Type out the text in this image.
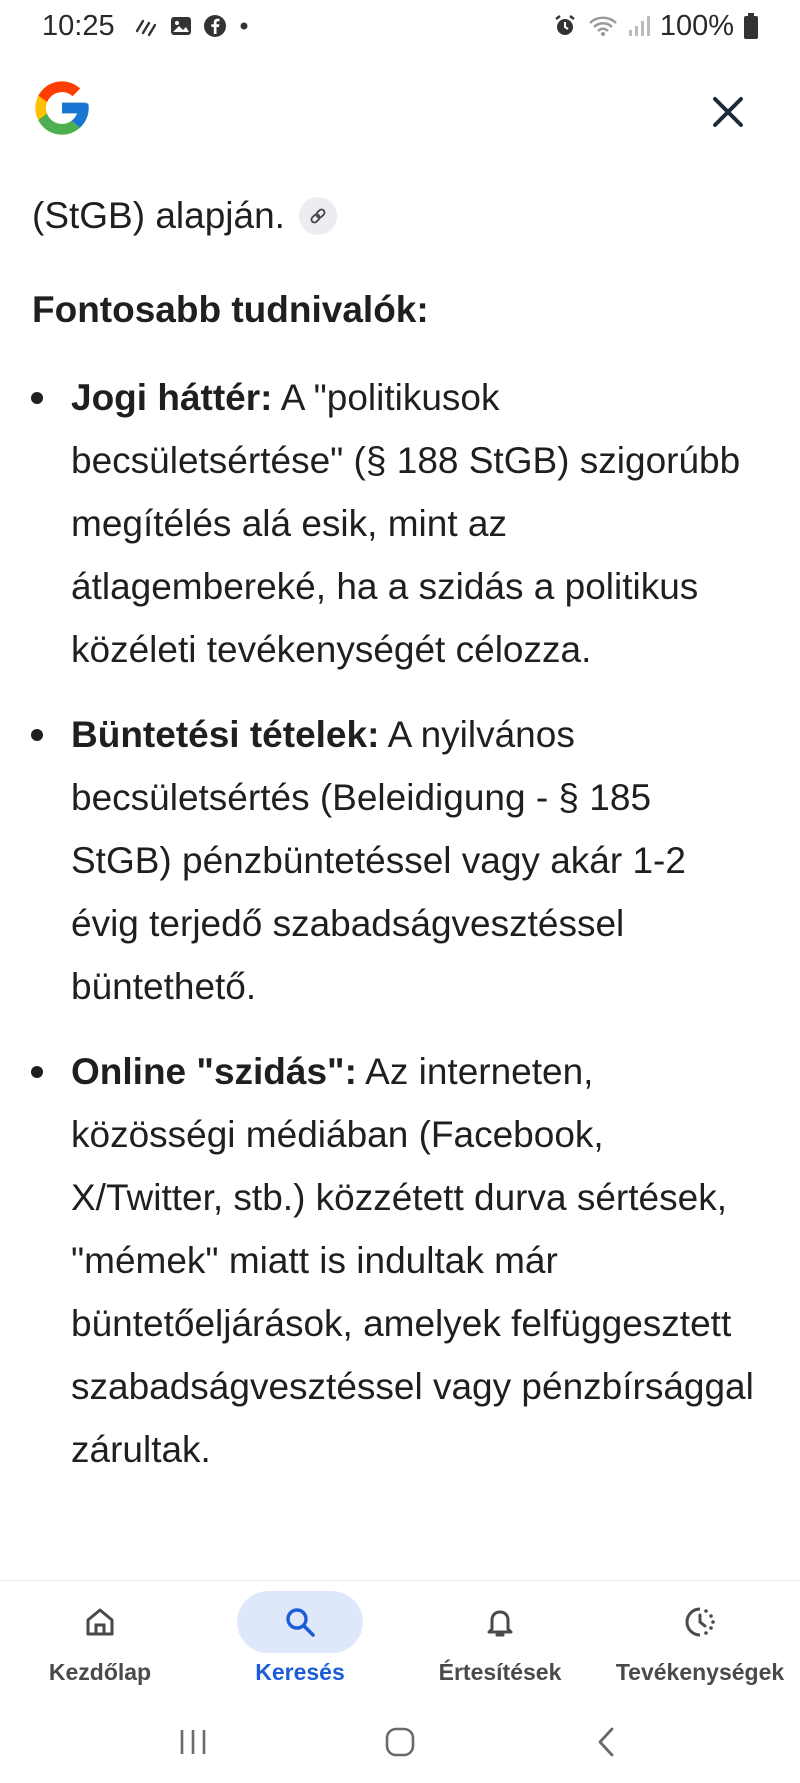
10:25	100%
(StGB) alapján.
Fontosabb tudnivalók:
Jogi háttér: A "politikusok becsületsértése" (§ 188 StGB) szigorúbb megítélés alá esik, mint az átlagembereké, ha a szidás a politikus közéleti tevékenységét célozza.
Büntetési tételek: A nyilvános becsületsértés (Beleidigung - § 185 StGB) pénzbüntetéssel vagy akár 1-2 évig terjedő szabadságvesztéssel büntethető.
Online "szidás": Az interneten, közösségi médiában (Facebook, X/Twitter, stb.) közzétett durva sértések, "mémek" miatt is indultak már büntetőeljárások, amelyek felfüggesztett szabadságvesztéssel vagy pénzbírsággal zárultak.
Kezdőlap	Keresés	Értesítések Tevékenységek
